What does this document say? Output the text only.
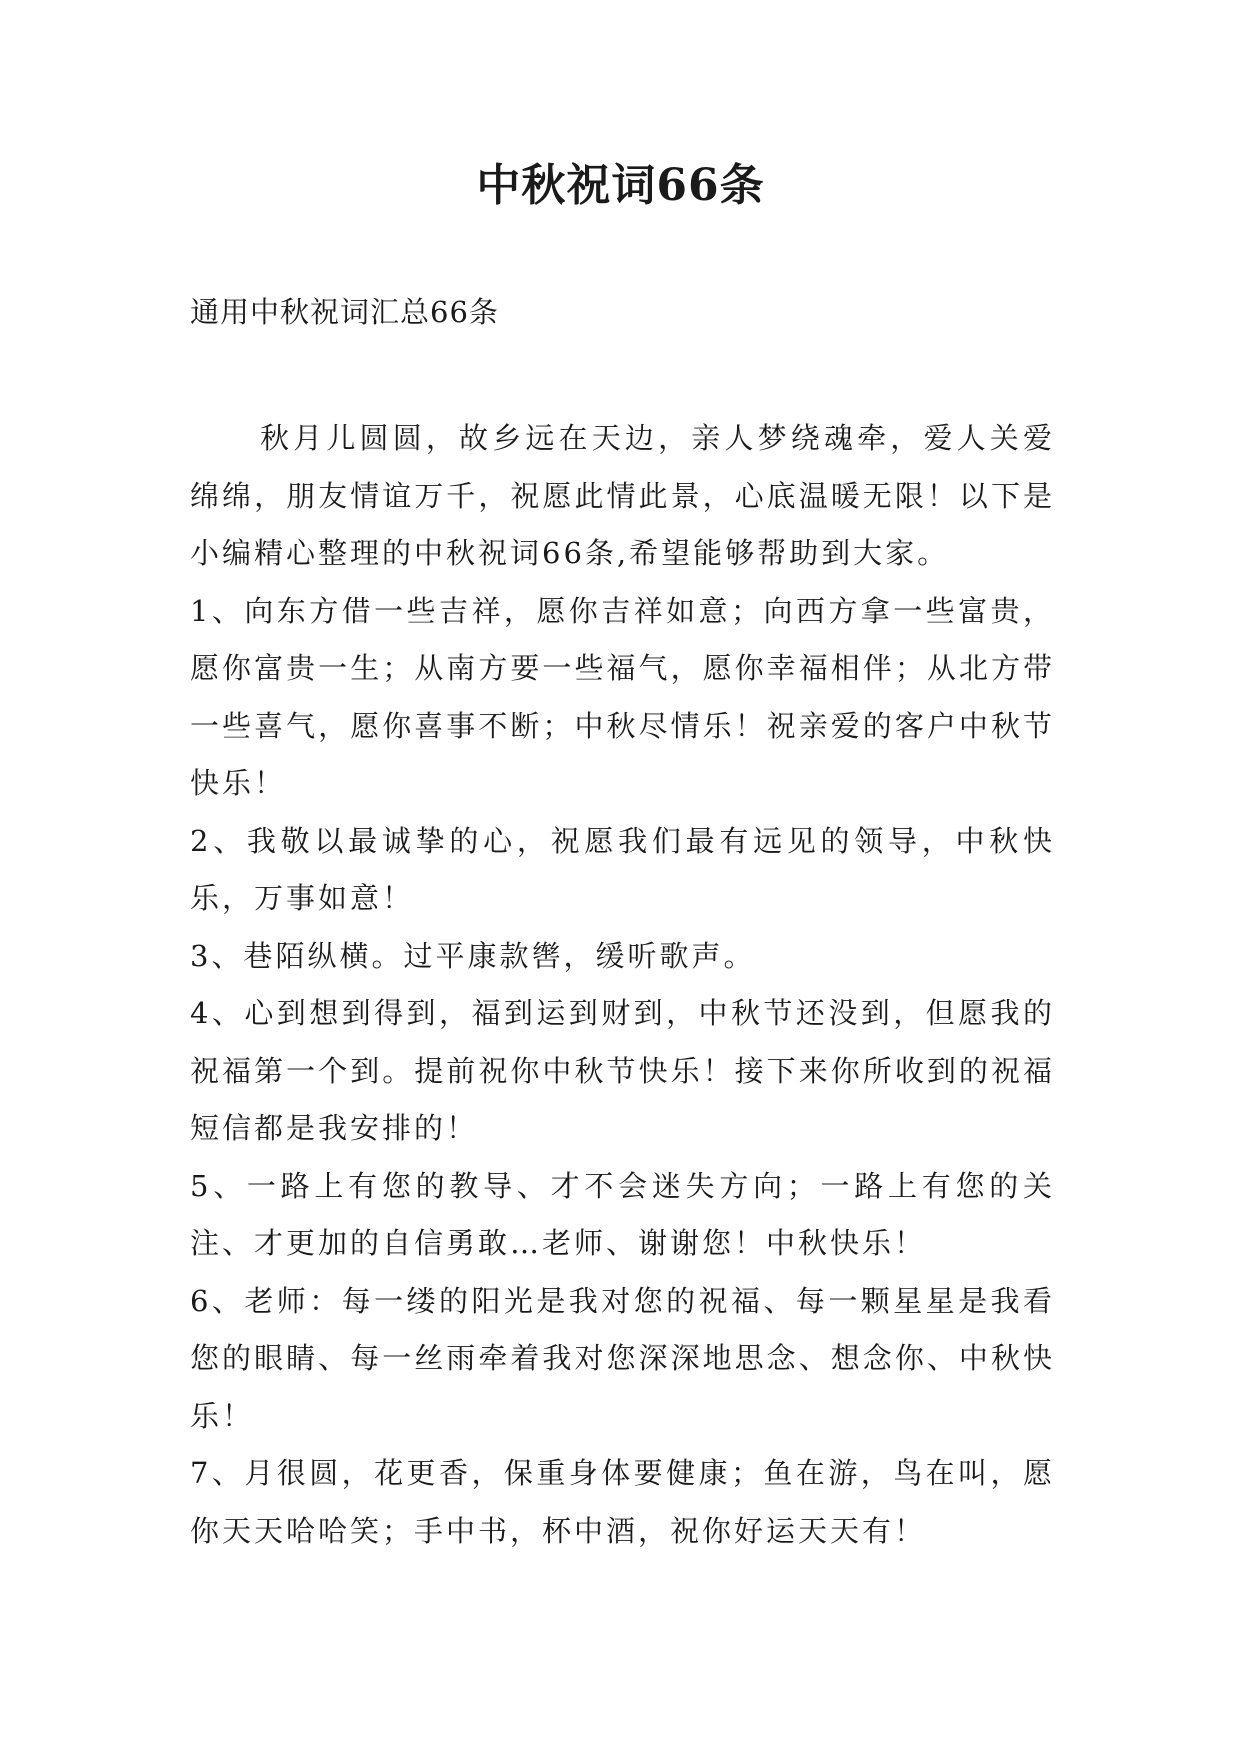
中秋祝词66条
通用中秋祝词汇总66条

秋月儿圆圆，故乡远在天边，亲人梦绕魂牵，爱人关爱绵绵，朋友情谊万千，祝愿此情此景，心底温暖无限！以下是小编精心整理的中秋祝词66条,希望能够帮助到大家。

1、向东方借一些吉祥，愿你吉祥如意；向西方拿一些富贵，愿你富贵一生；从南方要一些福气，愿你幸福相伴；从北方带一些喜气，愿你喜事不断；中秋尽情乐！祝亲爱的客户中秋节快乐！

2、我敬以最诚挚的心，祝愿我们最有远见的领导，中秋快乐，万事如意！

3、巷陌纵横。过平康款辔，缓听歌声。

4、心到想到得到，福到运到财到，中秋节还没到，但愿我的祝福第一个到。提前祝你中秋节快乐！接下来你所收到的祝福短信都是我安排的！

5、一路上有您的教导、才不会迷失方向；一路上有您的关注、才更加的自信勇敢…老师、谢谢您！中秋快乐！

6、老师：每一缕的阳光是我对您的祝福、每一颗星星是我看您的眼睛、每一丝雨牵着我对您深深地思念、想念你、中秋快乐！

7、月很圆，花更香，保重身体要健康；鱼在游，鸟在叫，愿你天天哈哈笑；手中书，杯中酒，祝你好运天天有！
